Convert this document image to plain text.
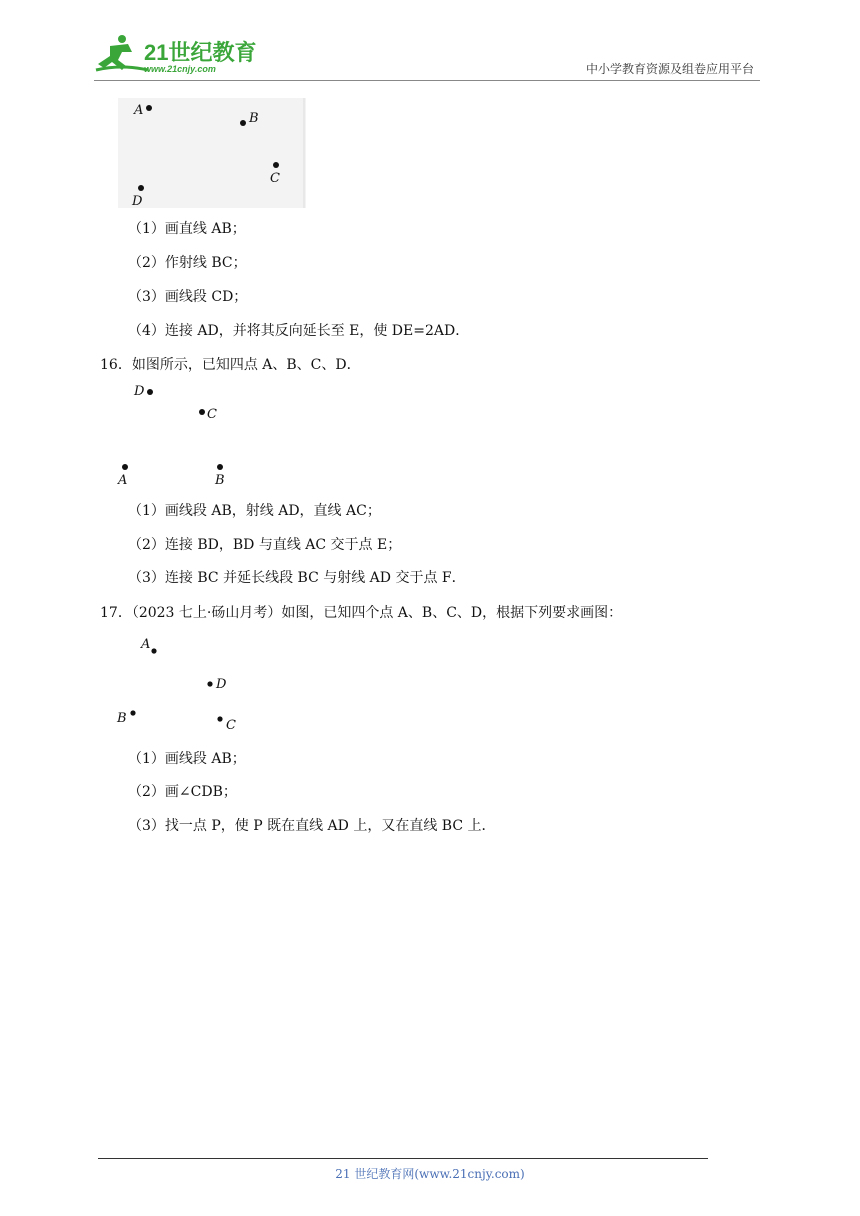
21世纪教育
www.21cnjy.com	中小学教育资源及组卷应用平台
A
B
C
D
（1）画直线 AB；
（2）作射线 BC；
（3）画线段 CD；
（4）连接 AD，并将其反向延长至 E，使 DE=2AD．
16．如图所示，已知四点 A、B、C、D．
D
C
A	B
（1）画线段 AB，射线 AD，直线 AC；
（2）连接 BD，BD 与直线 AC 交于点 E；
（3）连接 BC 并延长线段 BC 与射线 AD 交于点 F．
17．（2023 七上·砀山月考）如图，已知四个点 A、B、C、D，根据下列要求画图：
A
D
B	C
（1）画线段 AB；
（2）画∠CDB；
（3）找一点 P，使 P 既在直线 AD 上，又在直线 BC 上．
21 世纪教育网(www.21cnjy.com)
